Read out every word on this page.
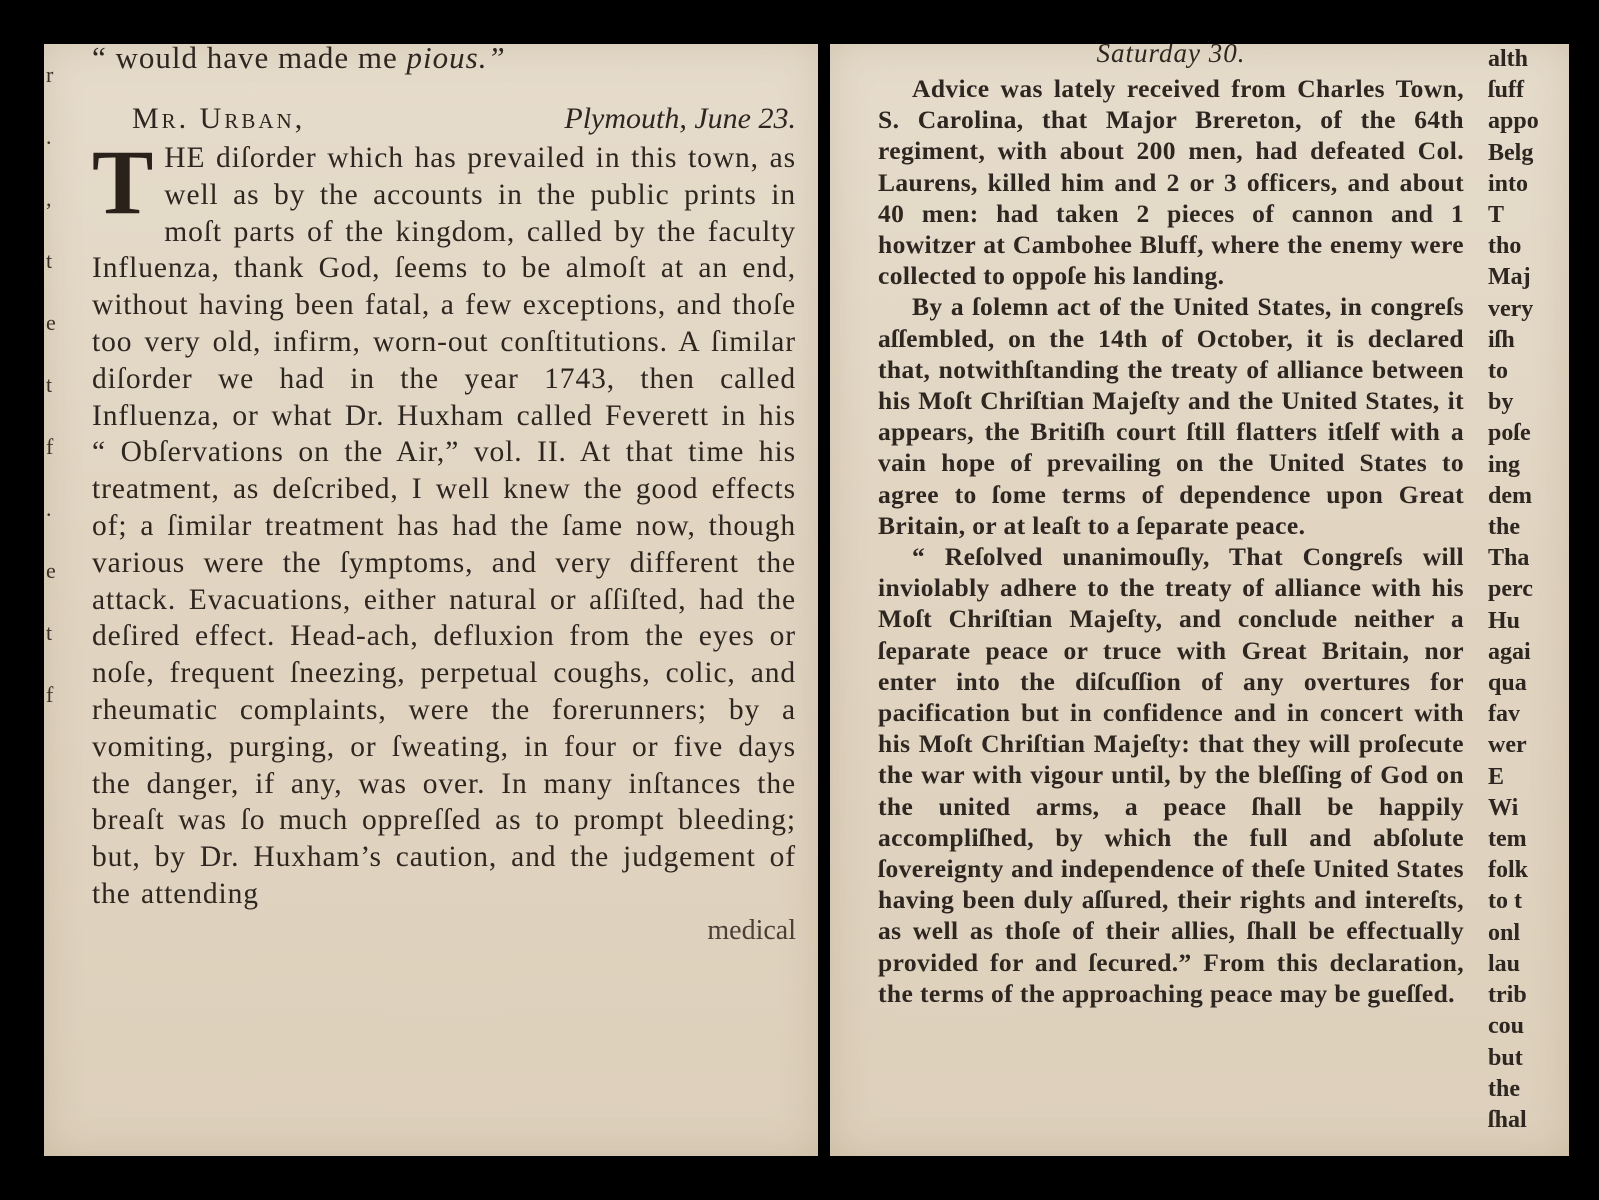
r
.
,
t
e
t
f
.
e
t
f
“ would have made me pious.”
Mr. Urban,	Plymouth, June 23.
THE diſorder which has prevailed in this town, as well as by the accounts in the public prints in moſt parts of the kingdom, called by the faculty Influenza, thank God, ſeems to be almoſt at an end, without having been fatal, a few exceptions, and thoſe too very old, infirm, worn-out conſtitutions. A ſimilar diſorder we had in the year 1743, then called Influenza, or what Dr. Huxham called Feverett in his “ Obſervations on the Air,” vol. II. At that time his treatment, as deſcribed, I well knew the good effects of; a ſimilar treatment has had the ſame now, though various were the ſymptoms, and very different the attack. Evacuations, either natural or aſſiſted, had the deſired effect. Head-ach, defluxion from the eyes or noſe, frequent ſneezing, perpetual coughs, colic, and rheumatic complaints, were the forerunners; by a vomiting, purging, or ſweating, in four or five days the danger, if any, was over. In many inſtances the breaſt was ſo much oppreſſed as to prompt bleeding; but, by Dr. Huxham’s caution, and the judgement of the attending
medical
Saturday 30.

Advice was lately received from Charles Town, S. Carolina, that Major Brereton, of the 64th regiment, with about 200 men, had defeated Col. Laurens, killed him and 2 or 3 officers, and about 40 men: had taken 2 pieces of cannon and 1 howitzer at Cambohee Bluff, where the enemy were collected to oppoſe his landing.

By a ſolemn act of the United States, in congreſs aſſembled, on the 14th of October, it is declared that, notwithſtanding the treaty of alliance between his Moſt Chriſtian Majeſty and the United States, it appears, the Britiſh court ſtill flatters itſelf with a vain hope of prevailing on the United States to agree to ſome terms of dependence upon Great Britain, or at leaſt to a ſeparate peace.

“ Reſolved unanimouſly, That Congreſs will inviolably adhere to the treaty of alliance with his Moſt Chriſtian Majeſty, and conclude neither a ſeparate peace or truce with Great Britain, nor enter into the diſcuſſion of any overtures for pacification but in confidence and in concert with his Moſt Chriſtian Majeſty: that they will proſecute the war with vigour until, by the bleſſing of God on the united arms, a peace ſhall be happily accompliſhed, by which the full and abſolute ſovereignty and independence of theſe United States having been duly aſſured, their rights and intereſts, as well as thoſe of their allies, ſhall be effectually provided for and ſecured.” From this declaration, the terms of the approaching peace may be gueſſed.

alth
ſuff
appo
Belg
into
T
tho
Maj
very
iſh
to
by
poſe
ing
dem
the
Tha
perc
Hu
agai
qua
fav
wer
E
Wi
tem
folk
to t
onl
lau
trib
cou
but
the
ſhal
